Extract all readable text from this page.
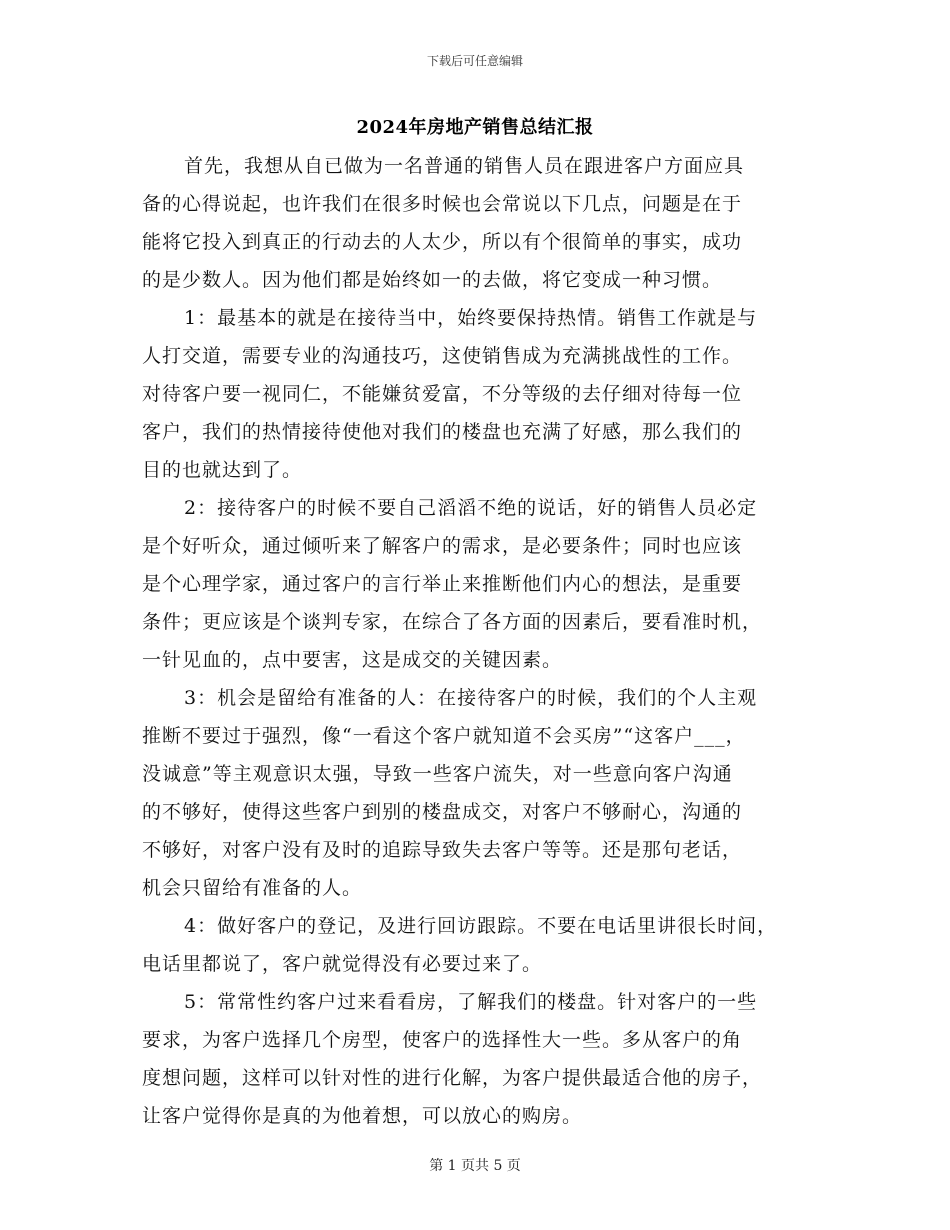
下载后可任意编辑
2024年房地产销售总结汇报
首先，我想从自已做为一名普通的销售人员在跟进客户方面应具
备的心得说起，也许我们在很多时候也会常说以下几点，问题是在于
能将它投入到真正的行动去的人太少，所以有个很简单的事实，成功
的是少数人。因为他们都是始终如一的去做，将它变成一种习惯。
1：最基本的就是在接待当中，始终要保持热情。销售工作就是与
人打交道，需要专业的沟通技巧，这使销售成为充满挑战性的工作。
对待客户要一视同仁，不能嫌贫爱富，不分等级的去仔细对待每一位
客户，我们的热情接待使他对我们的楼盘也充满了好感，那么我们的
目的也就达到了。
2：接待客户的时候不要自己滔滔不绝的说话，好的销售人员必定
是个好听众，通过倾听来了解客户的需求，是必要条件；同时也应该
是个心理学家，通过客户的言行举止来推断他们内心的想法，是重要
条件；更应该是个谈判专家，在综合了各方面的因素后，要看准时机，
一针见血的，点中要害，这是成交的关键因素。
3：机会是留给有准备的人：在接待客户的时候，我们的个人主观
推断不要过于强烈，像“一看这个客户就知道不会买房”“这客户___，
没诚意”等主观意识太强，导致一些客户流失，对一些意向客户沟通
的不够好，使得这些客户到别的楼盘成交，对客户不够耐心，沟通的
不够好，对客户没有及时的追踪导致失去客户等等。还是那句老话，
机会只留给有准备的人。
4：做好客户的登记，及进行回访跟踪。不要在电话里讲很长时间，
电话里都说了，客户就觉得没有必要过来了。
5：常常性约客户过来看看房，了解我们的楼盘。针对客户的一些
要求，为客户选择几个房型，使客户的选择性大一些。多从客户的角
度想问题，这样可以针对性的进行化解，为客户提供最适合他的房子，
让客户觉得你是真的为他着想，可以放心的购房。
第 1 页共 5 页
